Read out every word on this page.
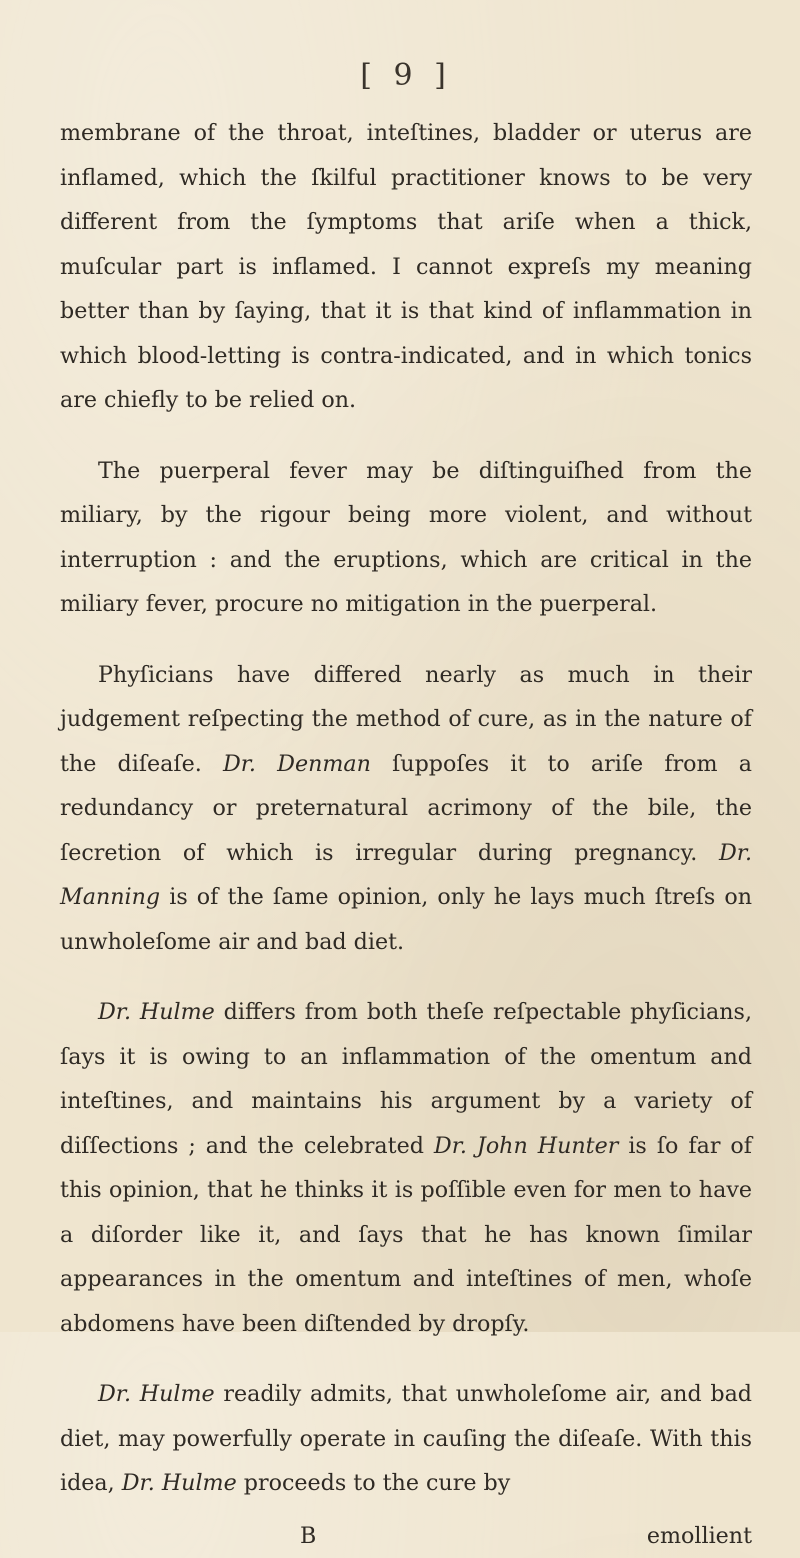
[ 9 ]

membrane of the throat, inteſtines, bladder or uterus are inflamed, which the ſkilful practitioner knows to be very different from the ſymptoms that ariſe when a thick, muſcular part is inflamed. I cannot expreſs my meaning better than by ſaying, that it is that kind of inflammation in which blood-letting is contra-indicated, and in which tonics are chiefly to be relied on.

The puerperal fever may be diſtinguiſhed from the miliary, by the rigour being more violent, and without interruption : and the eruptions, which are critical in the miliary fever, procure no mitigation in the puerperal.

Phyſicians have differed nearly as much in their judgement reſpecting the method of cure, as in the nature of the diſeaſe. Dr. Denman ſuppoſes it to ariſe from a redundancy or preternatural acrimony of the bile, the ſecretion of which is irregular during pregnancy. Dr. Manning is of the ſame opinion, only he lays much ſtreſs on unwholeſome air and bad diet.

Dr. Hulme differs from both theſe reſpectable phyſicians, ſays it is owing to an inflammation of the omentum and inteſtines, and maintains his argument by a variety of diſſections ; and the celebrated Dr. John Hunter is ſo far of this opinion, that he thinks it is poſſible even for men to have a diſorder like it, and ſays that he has known ſimilar appearances in the omentum and inteſtines of men, whoſe abdomens have been diſtended by dropſy.

Dr. Hulme readily admits, that unwholeſome air, and bad diet, may powerfully operate in cauſing the diſeaſe. With this idea, Dr. Hulme proceeds to the cure by

B	emollient
